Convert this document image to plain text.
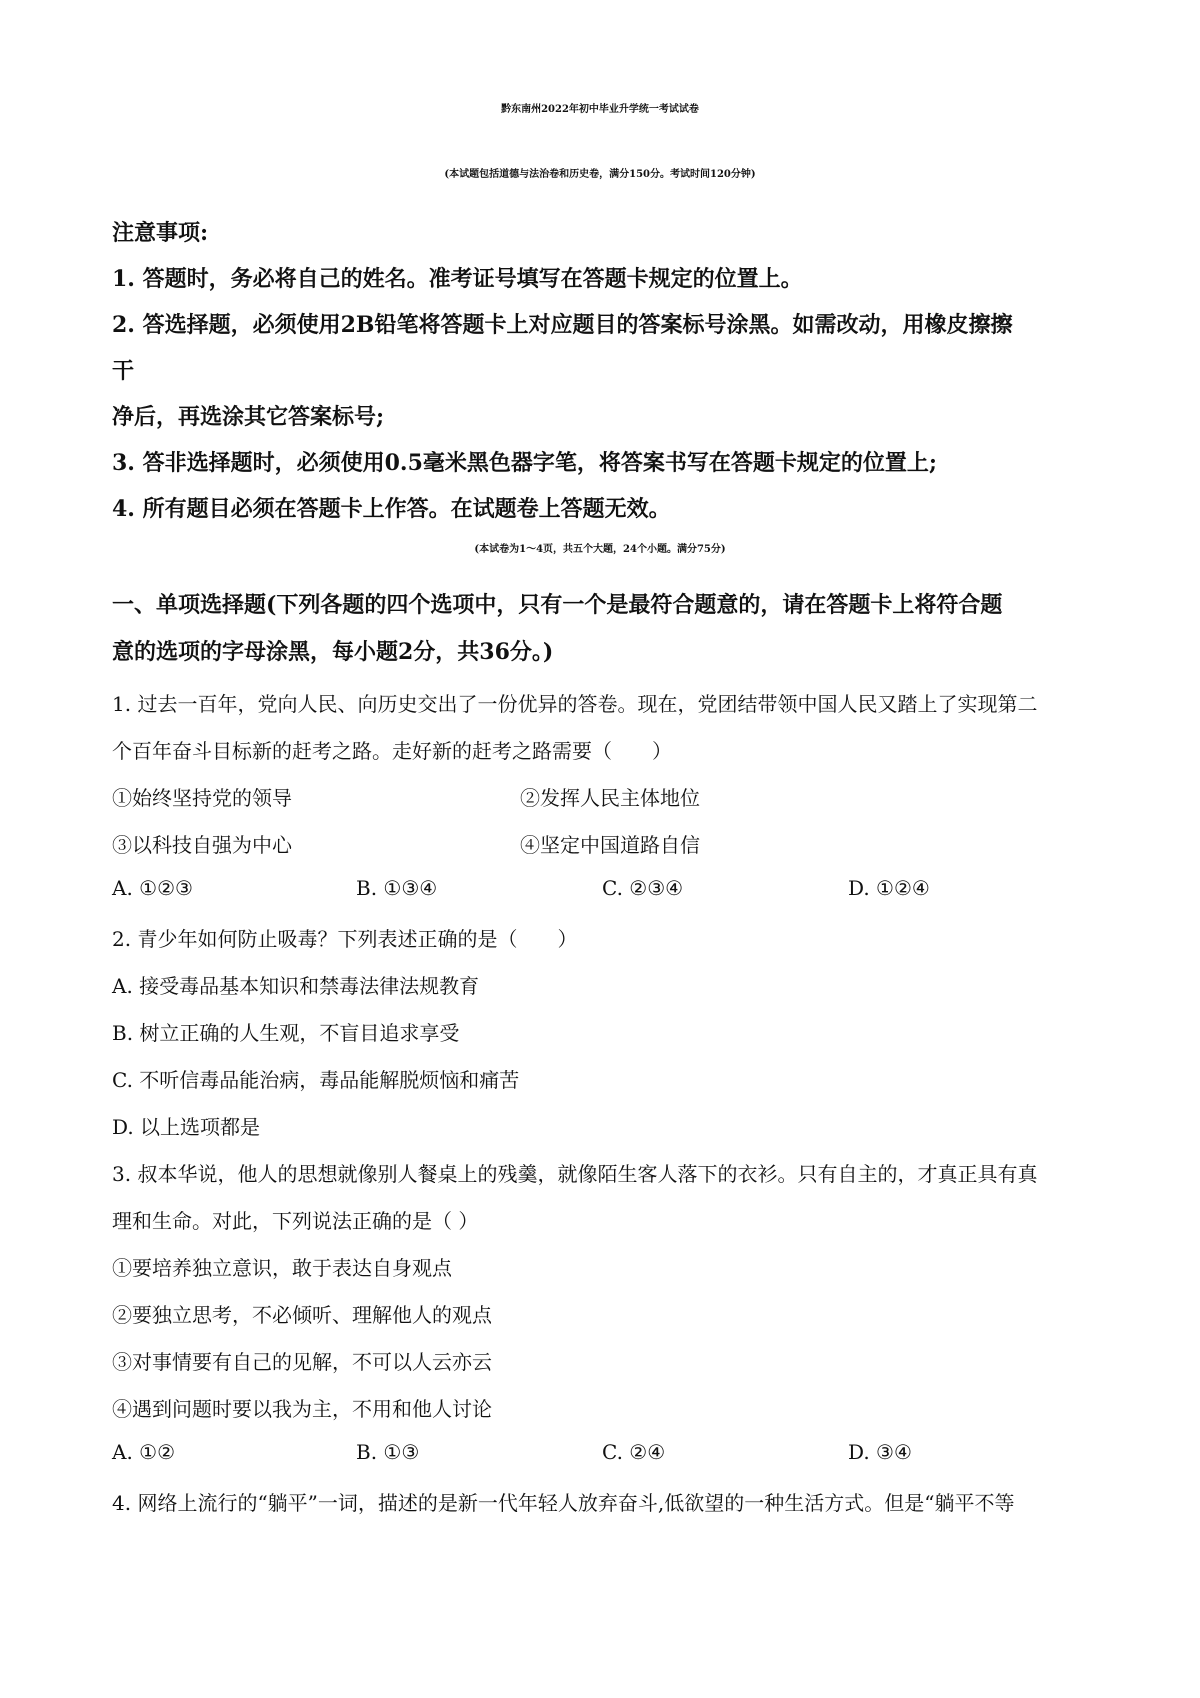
黔东南州2022年初中毕业升学统一考试试卷
(本试题包括道德与法治卷和历史卷，满分150分。考试时间120分钟)
注意事项:
1. 答题时，务必将自己的姓名。准考证号填写在答题卡规定的位置上。
2. 答选择题，必须使用2B铅笔将答题卡上对应题目的答案标号涂黑。如需改动，用橡皮擦擦
干
净后，再选涂其它答案标号;
3. 答非选择题时，必须使用0.5毫米黑色器字笔，将答案书写在答题卡规定的位置上;
4. 所有题目必须在答题卡上作答。在试题卷上答题无效。
(本试卷为1～4页，共五个大题，24个小题。满分75分)
一、单项选择题(下列各题的四个选项中，只有一个是最符合题意的，请在答题卡上将符合题
意的选项的字母涂黑，每小题2分，共36分。)
1. 过去一百年，党向人民、向历史交出了一份优异的答卷。现在，党团结带领中国人民又踏上了实现第二
个百年奋斗目标新的赶考之路。走好新的赶考之路需要（　　）
①始终坚持党的领导	②发挥人民主体地位
③以科技自强为中心	④坚定中国道路自信
A. ①②③	B. ①③④	C. ②③④	D. ①②④
2. 青少年如何防止吸毒？下列表述正确的是（　　）
A. 接受毒品基本知识和禁毒法律法规教育
B. 树立正确的人生观，不盲目追求享受
C. 不听信毒品能治病，毒品能解脱烦恼和痛苦
D. 以上选项都是
3. 叔本华说，他人的思想就像别人餐桌上的残羹，就像陌生客人落下的衣衫。只有自主的，才真正具有真
理和生命。对此，下列说法正确的是（ ）
①要培养独立意识，敢于表达自身观点
②要独立思考，不必倾听、理解他人的观点
③对事情要有自己的见解，不可以人云亦云
④遇到问题时要以我为主，不用和他人讨论
A. ①②	B. ①③	C. ②④	D. ③④
4. 网络上流行的“躺平”一词，描述的是新一代年轻人放弃奋斗,低欲望的一种生活方式。但是“躺平不等
